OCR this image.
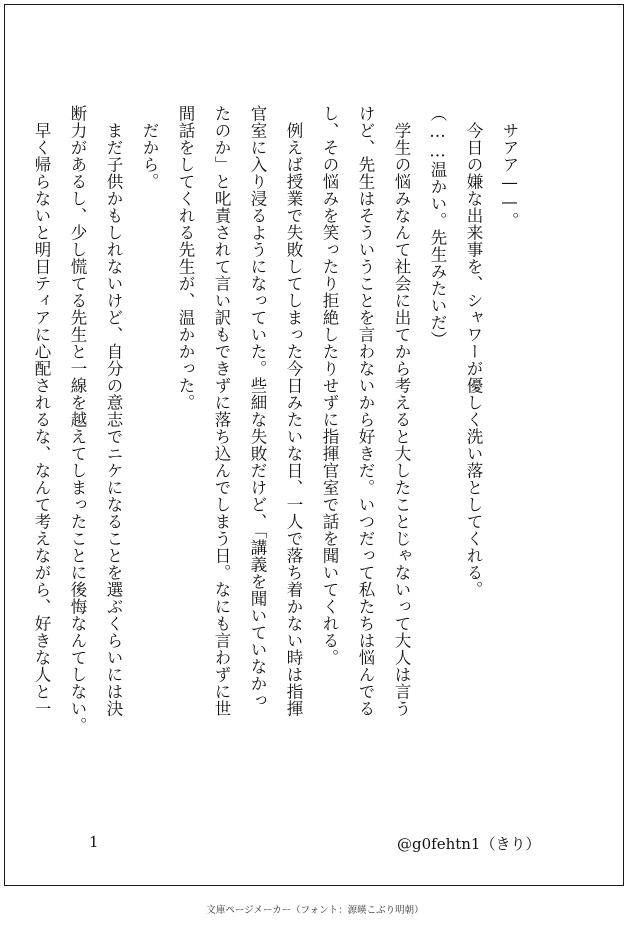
サアア——。
今日の嫌な出来事を、シャワーが優しく洗い落としてくれる。
（……温かい。先生みたいだ）
学生の悩みなんて社会に出てから考えると大したことじゃないって大人は言う
けど、先生はそういうことを言わないから好きだ。いつだって私たちは悩んでる
し、その悩みを笑ったり拒絶したりせずに指揮官室で話を聞いてくれる。
例えば授業で失敗してしまった今日みたいな日、一人で落ち着かない時は指揮
官室に入り浸るようになっていた。些細な失敗だけど、「講義を聞いていなかっ
たのか」と叱責されて言い訳もできずに落ち込んでしまう日。なにも言わずに世
間話をしてくれる先生が、温かかった。
だから。
まだ子供かもしれないけど、自分の意志でニケになることを選ぶくらいには決
断力があるし、少し慌てる先生と一線を越えてしまったことに後悔なんてしない。
早く帰らないと明日ティアに心配されるな、なんて考えながら、好きな人と一
1	@g0fehtn1（きり）
文庫ページメーカー（フォント：源暎こぶり明朝）
